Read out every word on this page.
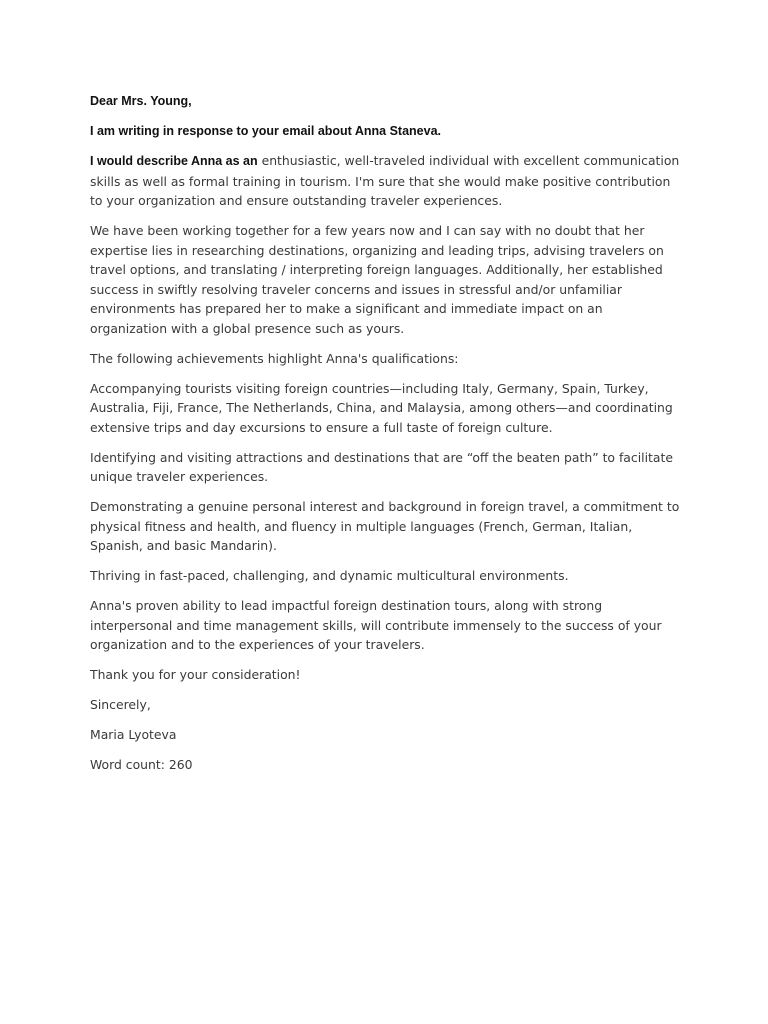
Dear Mrs. Young,
I am writing in response to your email about Anna Staneva.

I would describe Anna as an enthusiastic, well-traveled individual with excellent communication skills as well as formal training in tourism. I'm sure that she would make positive contribution to your organization and ensure outstanding traveler experiences.

We have been working together for a few years now and I can say with no doubt that her expertise lies in researching destinations, organizing and leading trips, advising travelers on travel options, and translating / interpreting foreign languages. Additionally, her established success in swiftly resolving traveler concerns and issues in stressful and/or unfamiliar environments has prepared her to make a significant and immediate impact on an organization with a global presence such as yours.

The following achievements highlight Anna's qualifications:

Accompanying tourists visiting foreign countries—including Italy, Germany, Spain, Turkey, Australia, Fiji, France, The Netherlands, China, and Malaysia, among others—and coordinating extensive trips and day excursions to ensure a full taste of foreign culture.

Identifying and visiting attractions and destinations that are “off the beaten path” to facilitate unique traveler experiences.

Demonstrating a genuine personal interest and background in foreign travel, a commitment to physical fitness and health, and fluency in multiple languages (French, German, Italian, Spanish, and basic Mandarin).

Thriving in fast-paced, challenging, and dynamic multicultural environments.

Anna's proven ability to lead impactful foreign destination tours, along with strong interpersonal and time management skills, will contribute immensely to the success of your organization and to the experiences of your travelers.

Thank you for your consideration!

Sincerely,

Maria Lyoteva

Word count: 260
